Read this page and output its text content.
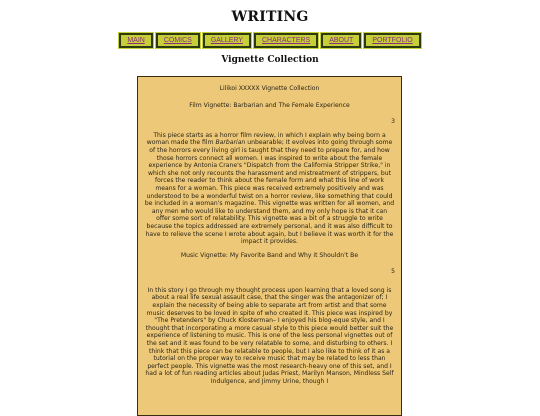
WRITING
MAIN	COMICS	GALLERY	CHARACTERS	ABOUT	PORTFOLIO
Vignette Collection

Lilikoi XXXXX Vignette Collection

Film Vignette: Barbarian and The Female Experience

3

This piece starts as a horror film review, in which I explain why being born a woman made the film Barbarian unbearable; It evolves into going through some of the horrors every living girl is taught that they need to prepare for, and how those horrors connect all women. I was inspired to write about the female experience by Antonia Crane's "Dispatch from the California Stripper Strike," in which she not only recounts the harassment and mistreatment of strippers, but forces the reader to think about the female form and what this line of work means for a woman. This piece was received extremely positively and was understood to be a wonderful twist on a horror review, like something that could be included in a woman's magazine. This vignette was written for all women, and any men who would like to understand them, and my only hope is that it can offer some sort of relatability. This vignette was a bit of a struggle to write because the topics addressed are extremely personal, and it was also difficult to have to relieve the scene I wrote about again, but I believe it was worth it for the impact it provides.

Music Vignette: My Favorite Band and Why it Shouldn't Be

5

In this story I go through my thought process upon learning that a loved song is about a real life sexual assault case, that the singer was the antagonizer of; I explain the necessity of being able to separate art from artist and that some music deserves to be loved in spite of who created it. This piece was inspired by "The Pretenders" by Chuck Klosterman– I enjoyed his blog-eque style, and I thought that incorporating a more casual style to this piece would better suit the experience of listening to music. This is one of the less personal vignettes out of the set and it was found to be very relatable to some, and disturbing to others. I think that this piece can be relatable to people, but I also like to think of it as a tutorial on the proper way to receive music that may be related to less than perfect people. This vignette was the most research-heavy one of this set, and I had a lot of fun reading articles about Judas Priest, Marilyn Manson, Mindless Self Indulgence, and Jimmy Urine, though I
